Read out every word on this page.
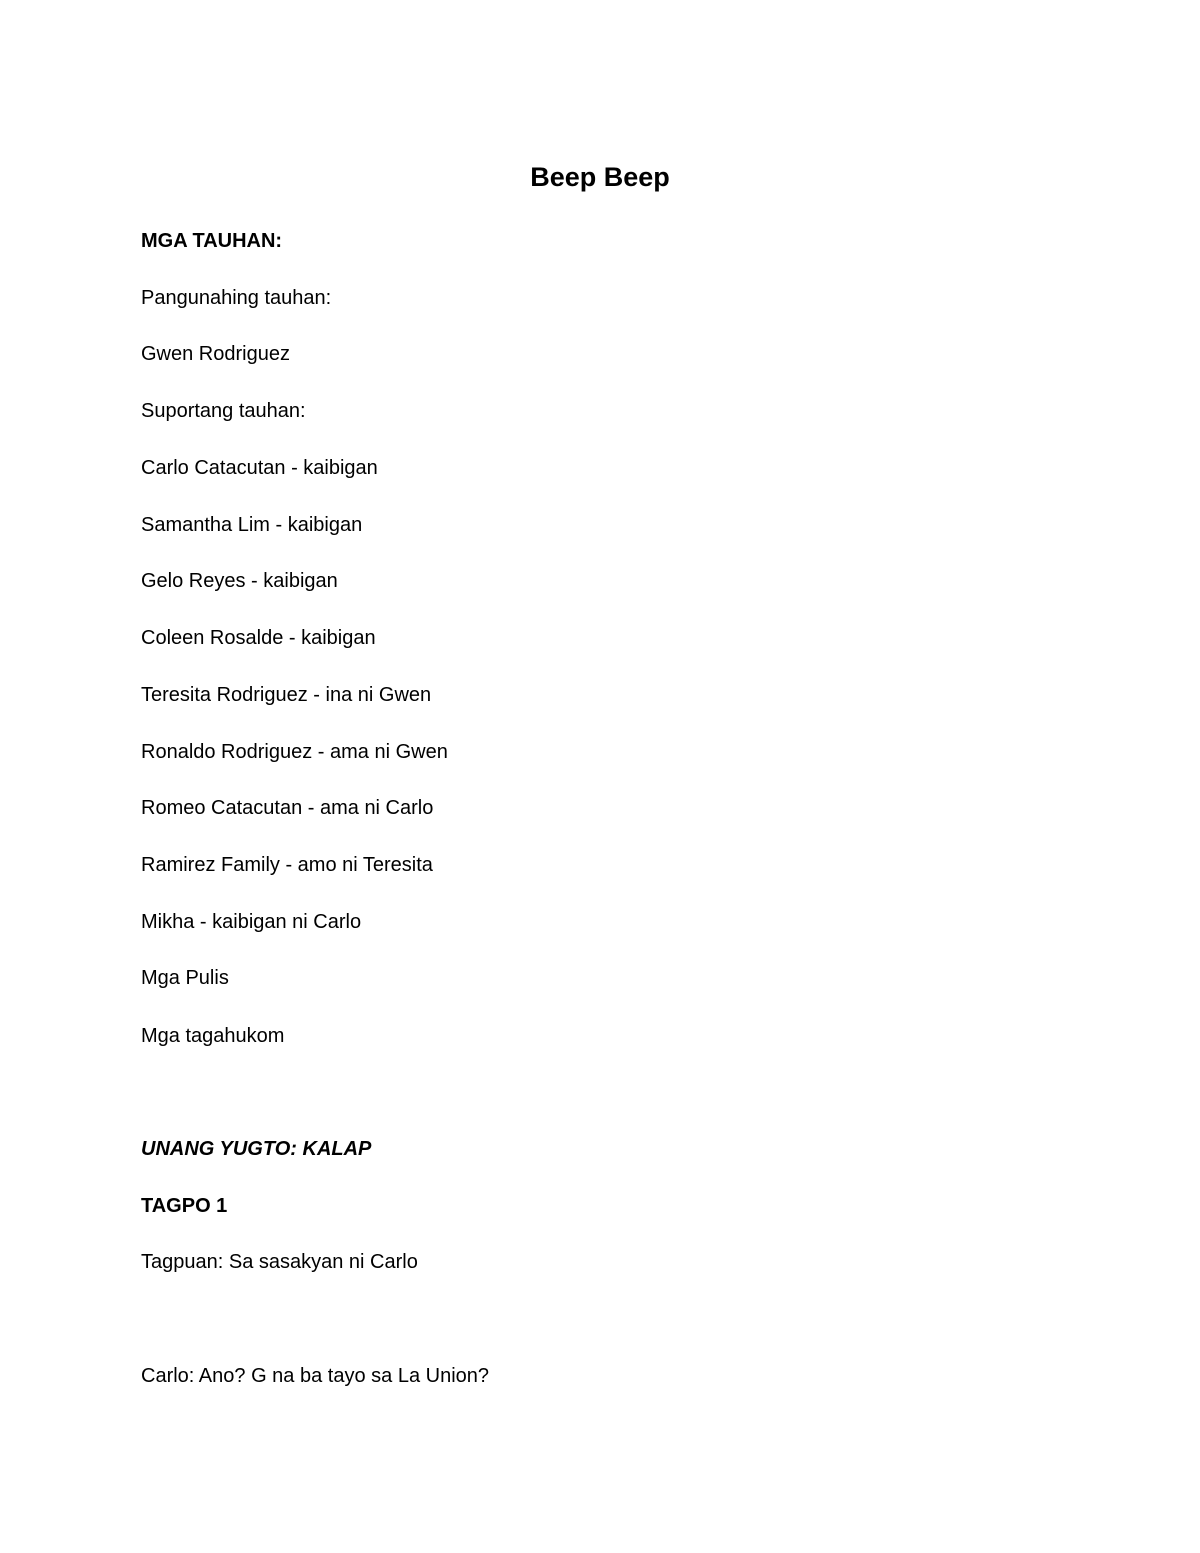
Beep Beep
MGA TAUHAN:
Pangunahing tauhan:
Gwen Rodriguez
Suportang tauhan:
Carlo Catacutan - kaibigan
Samantha Lim - kaibigan
Gelo Reyes - kaibigan
Coleen Rosalde - kaibigan
Teresita Rodriguez - ina ni Gwen
Ronaldo Rodriguez - ama ni Gwen
Romeo Catacutan - ama ni Carlo
Ramirez Family - amo ni Teresita
Mikha - kaibigan ni Carlo
Mga Pulis
Mga tagahukom
UNANG YUGTO: KALAP
TAGPO 1
Tagpuan: Sa sasakyan ni Carlo
Carlo: Ano? G na ba tayo sa La Union?
